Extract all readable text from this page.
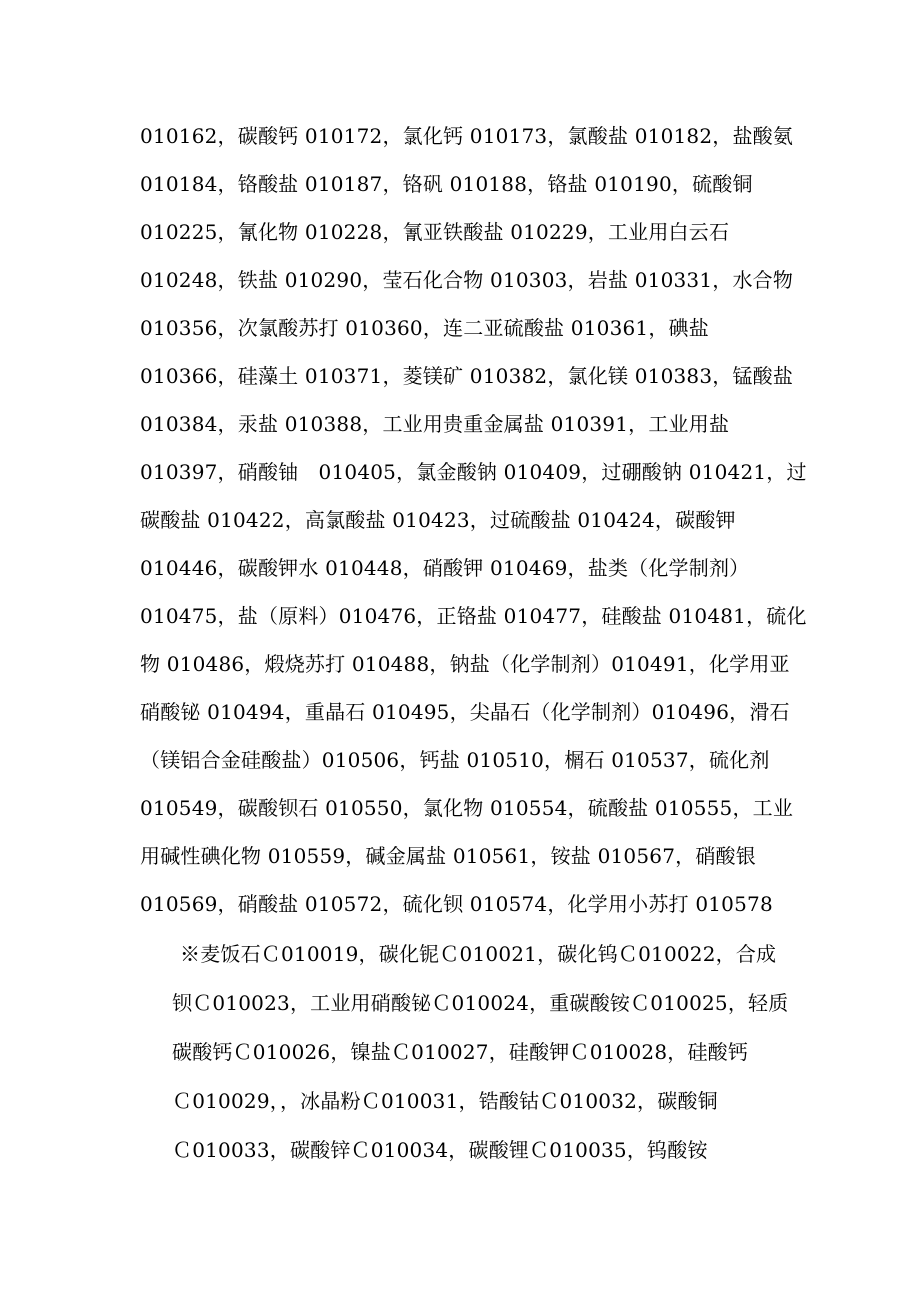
010162，碳酸钙 010172，氯化钙 010173，氯酸盐 010182，盐酸氨
010184，铬酸盐 010187，铬矾 010188，铬盐 010190，硫酸铜
010225，氰化物 010228，氰亚铁酸盐 010229，工业用白云石
010248，铁盐 010290，莹石化合物 010303，岩盐 010331，水合物
010356，次氯酸苏打 010360，连二亚硫酸盐 010361，碘盐
010366，硅藻土 010371，菱镁矿 010382，氯化镁 010383，锰酸盐
010384，汞盐 010388，工业用贵重金属盐 010391，工业用盐
010397，硝酸铀　010405，氯金酸钠 010409，过硼酸钠 010421，过
碳酸盐 010422，高氯酸盐 010423，过硫酸盐 010424，碳酸钾
010446，碳酸钾水 010448，硝酸钾 010469，盐类（化学制剂）
010475，盐（原料）010476，正铬盐 010477，硅酸盐 010481，硫化
物 010486，煅烧苏打 010488，钠盐（化学制剂）010491，化学用亚
硝酸铋 010494，重晶石 010495，尖晶石（化学制剂）010496，滑石
（镁铝合金硅酸盐）010506，钙盐 010510，榍石 010537，硫化剂
010549，碳酸钡石 010550，氯化物 010554，硫酸盐 010555，工业
用碱性碘化物 010559，碱金属盐 010561，铵盐 010567，硝酸银
010569，硝酸盐 010572，硫化钡 010574，化学用小苏打 010578
※麦饭石Ｃ010019，碳化铌Ｃ010021，碳化钨Ｃ010022，合成
钡Ｃ010023，工业用硝酸铋Ｃ010024，重碳酸铵Ｃ010025，轻质
碳酸钙Ｃ010026，镍盐Ｃ010027，硅酸钾Ｃ010028，硅酸钙
Ｃ010029，，冰晶粉Ｃ010031，锆酸钴Ｃ010032，碳酸铜
Ｃ010033，碳酸锌Ｃ010034，碳酸锂Ｃ010035，钨酸铵
